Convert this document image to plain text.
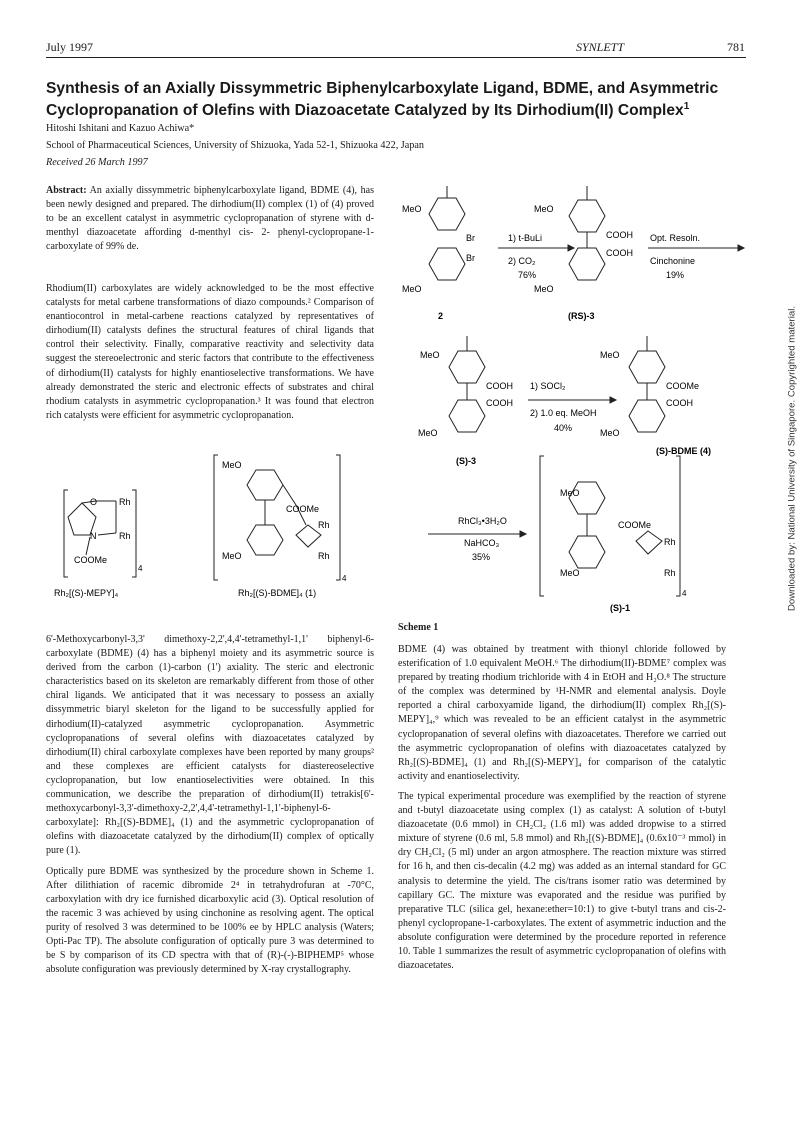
July 1997	SYNLETT	781
Synthesis of an Axially Dissymmetric Biphenylcarboxylate Ligand, BDME, and Asymmetric Cyclopropanation of Olefins with Diazoacetate Catalyzed by Its Dirhodium(II) Complex$^1$
Hitoshi Ishitani and Kazuo Achiwa*
School of Pharmaceutical Sciences, University of Shizuoka, Yada 52-1, Shizuoka 422, Japan
Received 26 March 1997
Abstract: An axially dissymmetric biphenylcarboxylate ligand, BDME (4), has been newly designed and prepared. The dirhodium(II) complex (1) of (4) proved to be an excellent catalyst in asymmetric cyclopropanation of styrene with d-menthyl diazoacetate affording d-menthyl cis- 2- phenyl-cyclopropane-1-carboxylate of 99% de.
Rhodium(II) carboxylates are widely acknowledged to be the most effective catalysts for metal carbene transformations of diazo compounds.² Comparison of enantiocontrol in metal-carbene reactions catalyzed by representatives of dirhodium(II) catalysts defines the structural features of chiral ligands that control their selectivity. Finally, comparative reactivity and selectivity data suggest the stereoelectronic and steric factors that contribute to the effectiveness of dirhodium(II) catalysts for highly enantioselective transformations. We have already demonstrated the steric and electronic effects of substrates and chiral rhodium catalysts in asymmetric cyclopropanation.³ It was found that electron rich catalysts were efficient for asymmetric cyclopropanation.
O Rh
N	Rh
COOMe
4
Rh₂[(S)-MEPY]₄
MeO
COOMe
Rh
MeO	Rh
4
Rh₂[(S)-BDME]₄ (1)

6'-Methoxycarbonyl-3,3' dimethoxy-2,2',4,4'-tetramethyl-1,1' biphenyl-6-carboxylate (BDME) (4) has a biphenyl moiety and its asymmetric source is derived from the carbon (1)-carbon (1') axiality. The steric and electronic characteristics based on its skeleton are remarkably different from those of other chiral ligands. We anticipated that it was necessary to possess an axially dissymmetric biaryl skeleton for the ligand to be successfully applied for dirhodium(II)-catalyzed asymmetric cyclopropanation. Asymmetric cyclopropanations of several olefins with diazoacetates catalyzed by dirhodium(II) chiral carboxylate complexes have been reported by many groups² and these complexes are efficient catalysts for diastereoselective cyclopropanation, but low enantioselectivities were obtained. In this communication, we describe the preparation of dirhodium(II) tetrakis[6'-methoxycarbonyl-3,3'-dimethoxy-2,2',4,4'-tetramethyl-1,1'-biphenyl-6-carboxylate]: Rh₂[(S)-BDME]₄ (1) and the asymmetric cyclopropanation of olefins with diazoacetate catalyzed by the dirhodium(II) complex of optically pure (1).

Optically pure BDME was synthesized by the procedure shown in Scheme 1. After dilithiation of racemic dibromide 2⁴ in tetrahydrofuran at -70°C, carboxylation with dry ice furnished dicarboxylic acid (3). Optical resolution of the racemic 3 was achieved by using cinchonine as resolving agent. The optical purity of resolved 3 was determined to be 100% ee by HPLC analysis (Waters; Opti-Pac TP). The absolute configuration of optically pure 3 was determined to be S by comparison of its CD spectra with that of (R)-(-)-BIPHEMP⁵ whose absolute configuration was previously determined by X-ray crystallography.

MeO
Br
Br
MeO
2
1) t-BuLi
2) CO₂
76%
MeO
COOH
COOH
MeO
(RS)-3
Opt. Resoln.
Cinchonine
19%
MeO
COOH
COOH
MeO
(S)-3
1) SOCl₂
2) 1.0 eq. MeOH
40%
MeO
COOMe
COOH
MeO
(S)-BDME (4)
RhCl₃•3H₂O
NaHCO₃
35%
MeO
COOMe
Rh
MeO	Rh
4
(S)-1
Scheme 1

BDME (4) was obtained by treatment with thionyl chloride followed by esterification of 1.0 equivalent MeOH.⁶ The dirhodium(II)-BDME⁷ complex was prepared by treating rhodium trichloride with 4 in EtOH and H₂O.⁸ The structure of the complex was determined by ¹H-NMR and elemental analysis. Doyle reported a chiral carboxyamide ligand, the dirhodium(II) complex Rh₂[(S)-MEPY]₄,⁹ which was revealed to be an efficient catalyst in the asymmetric cyclopropanation of several olefins with diazoacetates. Therefore we carried out the asymmetric cyclopropanation of olefins with diazoacetates catalyzed by Rh₂[(S)-BDME]₄ (1) and Rh₂[(S)-MEPY]₄ for comparison of the catalytic activity and enantioselectivity.

The typical experimental procedure was exemplified by the reaction of styrene and t-butyl diazoacetate using complex (1) as catalyst: A solution of t-butyl diazoacetate (0.6 mmol) in CH₂Cl₂ (1.6 ml) was added dropwise to a stirred mixture of styrene (0.6 ml, 5.8 mmol) and Rh₂[(S)-BDME]₄ (0.6x10⁻³ mmol) in dry CH₂Cl₂ (5 ml) under an argon atmosphere. The reaction mixture was stirred for 16 h, and then cis-decalin (4.2 mg) was added as an internal standard for GC analysis to determine the yield. The cis/trans isomer ratio was determined by capillary GC. The mixture was evaporated and the residue was purified by preparative TLC (silica gel, hexane:ether=10:1) to give t-butyl trans and cis-2-phenyl cyclopropane-1-carboxylates. The extent of asymmetric induction and the absolute configuration were determined by the procedure reported in reference 10. Table 1 summarizes the result of asymmetric cyclopropanation of olefins with diazoacetates.

Downloaded by: National University of Singapore. Copyrighted material.
